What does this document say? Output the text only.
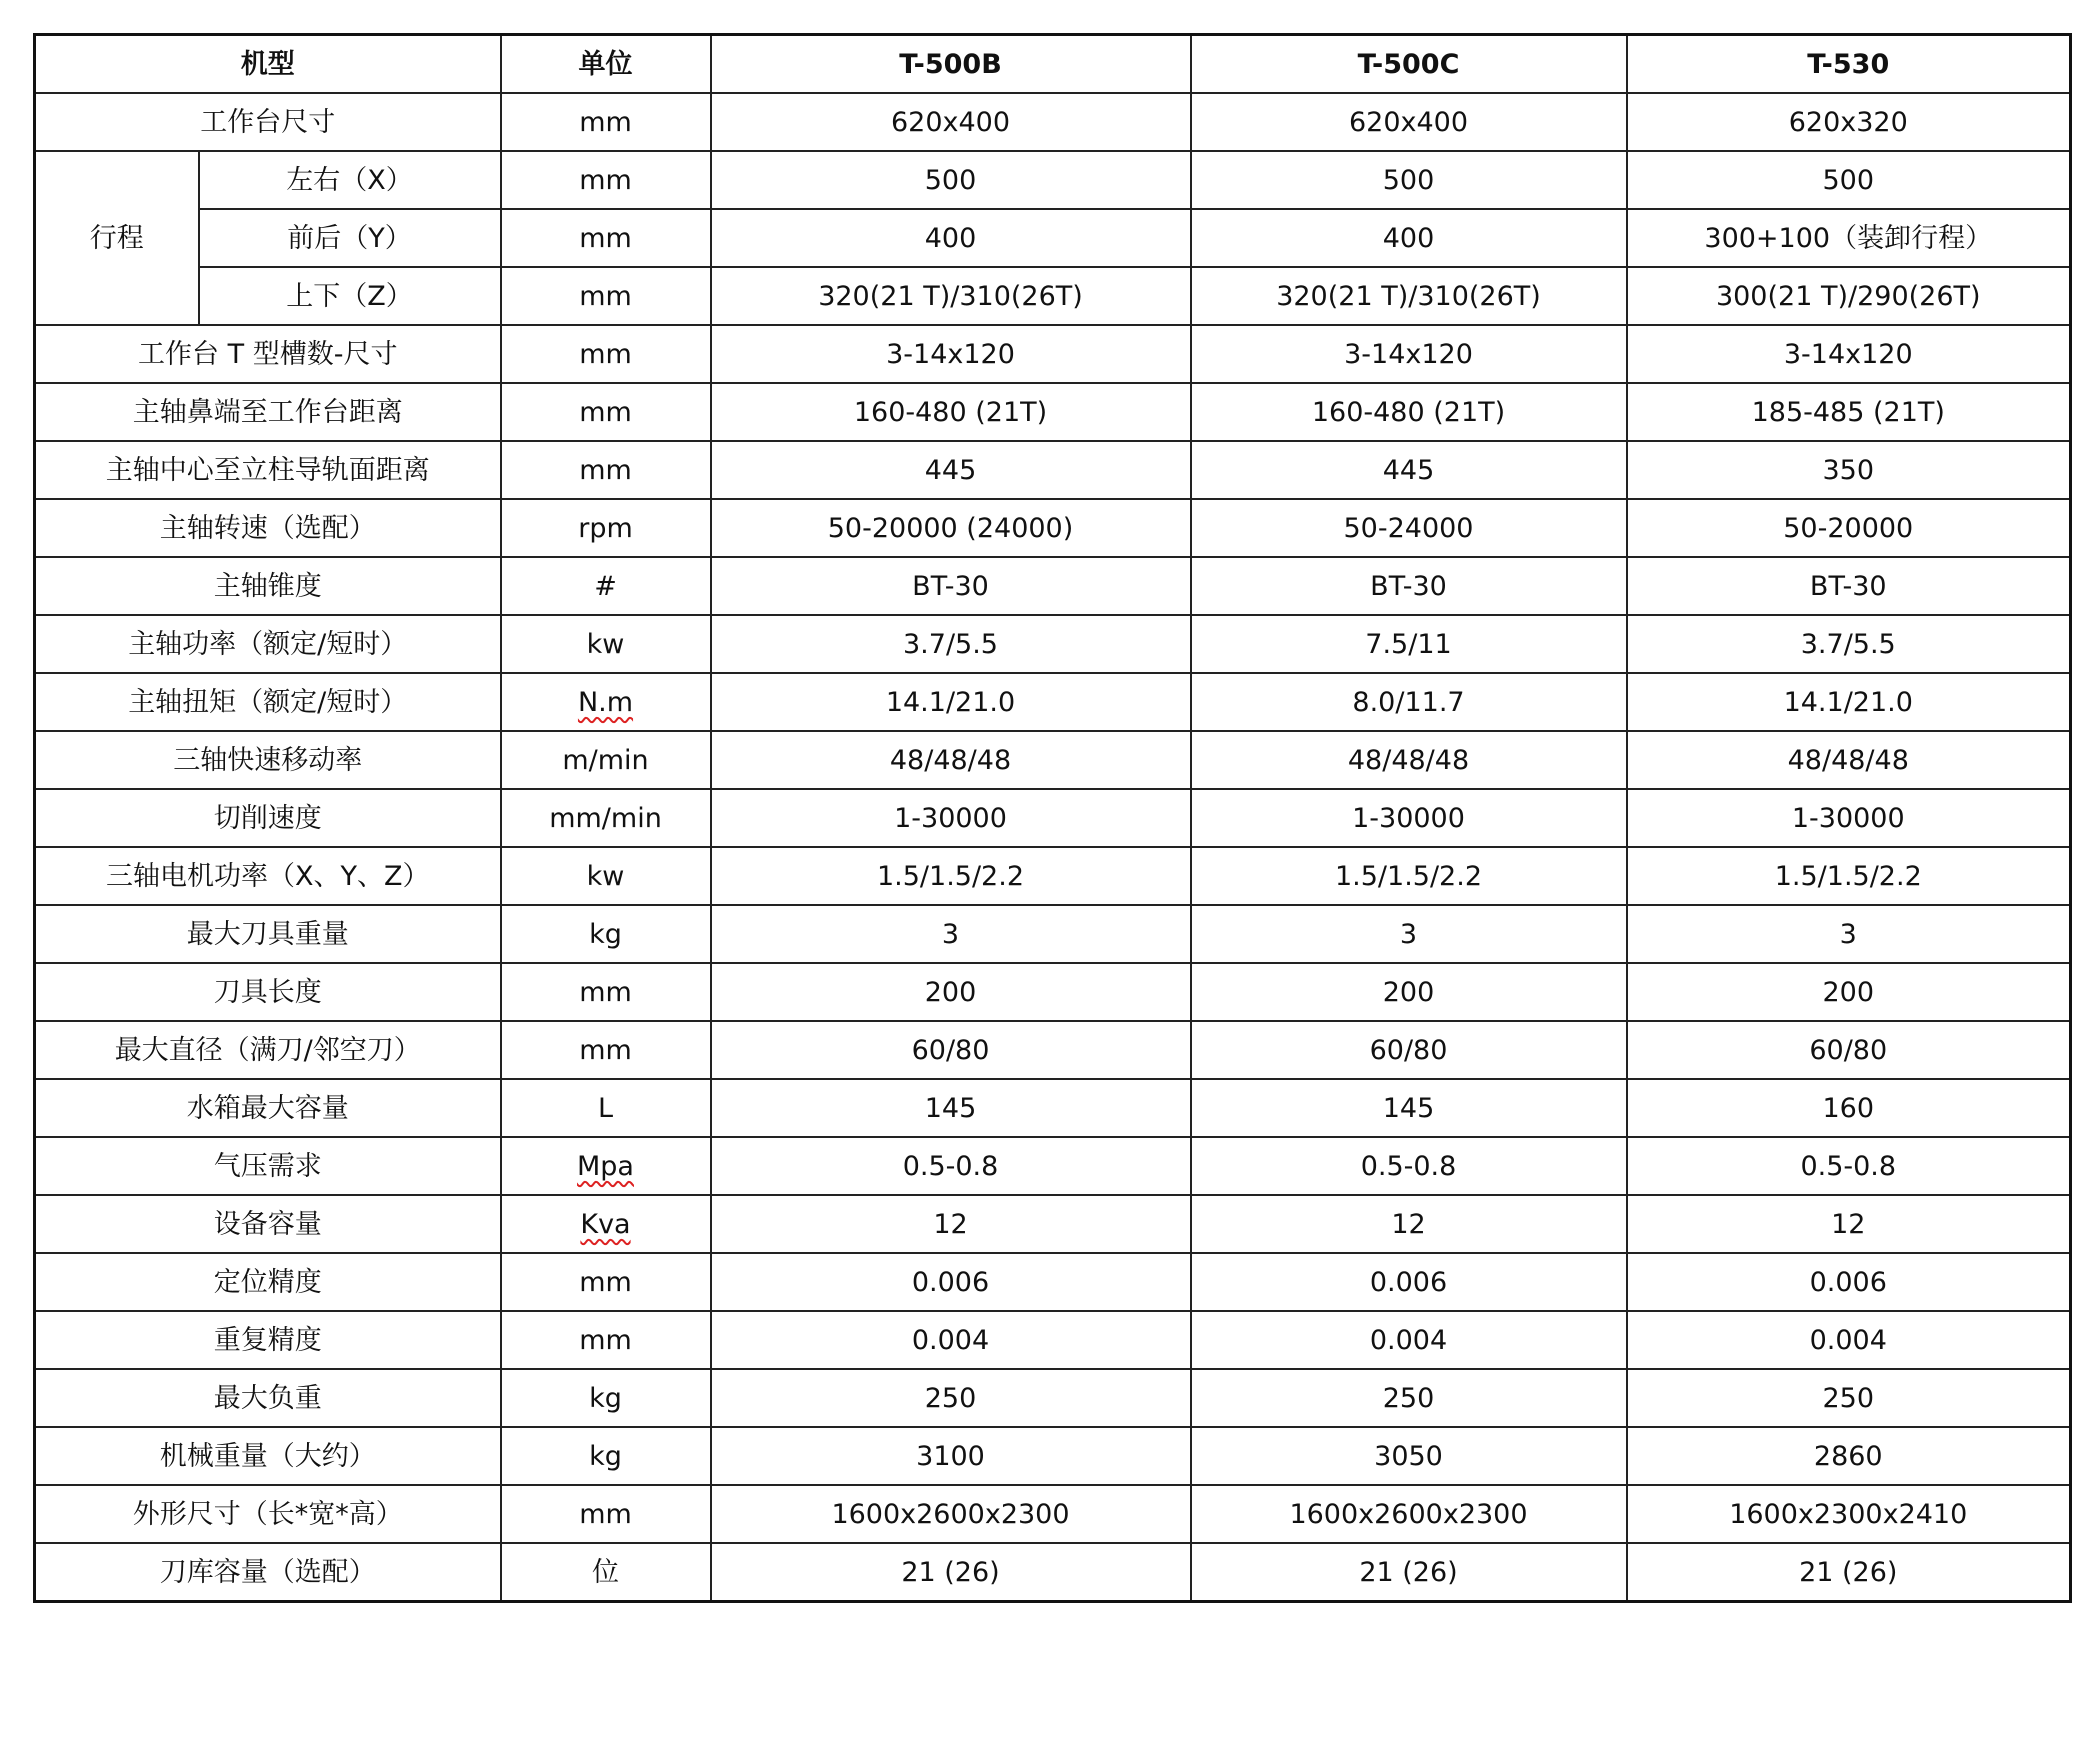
机型		单位	T-500B	T-500C	T-530
工作台尺寸		mm	620x400	620x400	620x320
行程	左右（X）	mm	500	500	500
	前后（Y）	mm	400	400	300+100（装卸行程）
	上下（Z）	mm	320(21 T)/310(26T)	320(21 T)/310(26T)	300(21 T)/290(26T)
工作台 T 型槽数-尺寸		mm	3-14x120	3-14x120	3-14x120
主轴鼻端至工作台距离		mm	160-480 (21T)	160-480 (21T)	185-485 (21T)
主轴中心至立柱导轨面距离		mm	445	445	350
主轴转速（选配）		rpm	50-20000 (24000)	50-24000	50-20000
主轴锥度		#	BT-30	BT-30	BT-30
主轴功率（额定/短时）		kw	3.7/5.5	7.5/11	3.7/5.5
主轴扭矩（额定/短时）		N.m	14.1/21.0	8.0/11.7	14.1/21.0
三轴快速移动率		m/min	48/48/48	48/48/48	48/48/48
切削速度		mm/min	1-30000	1-30000	1-30000
三轴电机功率（X、Y、Z）		kw	1.5/1.5/2.2	1.5/1.5/2.2	1.5/1.5/2.2
最大刀具重量		kg	3	3	3
刀具长度		mm	200	200	200
最大直径（满刀/邻空刀）		mm	60/80	60/80	60/80
水箱最大容量		L	145	145	160
气压需求		Mpa	0.5-0.8	0.5-0.8	0.5-0.8
设备容量		Kva	12	12	12
定位精度		mm	0.006	0.006	0.006
重复精度		mm	0.004	0.004	0.004
最大负重		kg	250	250	250
机械重量（大约）		kg	3100	3050	2860
外形尺寸（长*宽*高）		mm	1600x2600x2300	1600x2600x2300	1600x2300x2410
刀库容量（选配）		位	21 (26)	21 (26)	21 (26)
